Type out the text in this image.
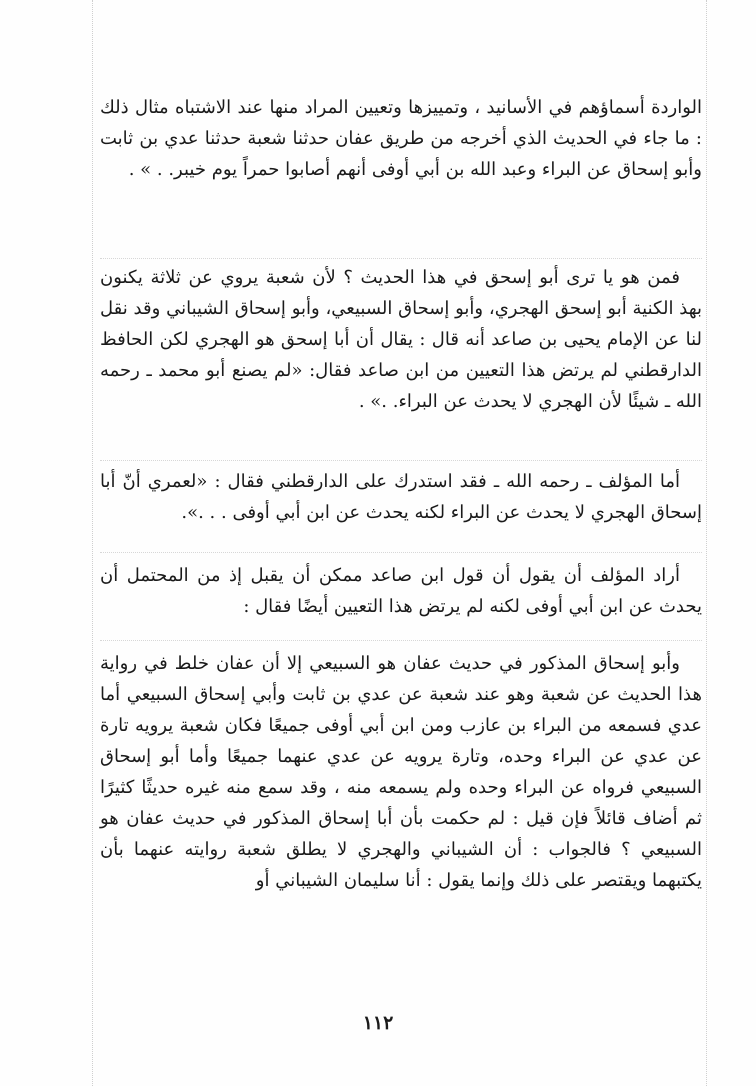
الواردة أسماؤهم في الأسانيد ، وتمييزها وتعيين المراد منها عند الاشتباه مثال ذلك : ما جاء في الحديث الذي أخرجه من طريق عفان حدثنا شعبة حدثنا عدي بن ثابت وأبو إسحاق عن البراء وعبد الله بن أبي أوفى أنهم أصابوا حمراً يوم خيبر. . » .

فمن هو يا ترى أبو إسحق في هذا الحديث ؟ لأن شعبة يروي عن ثلاثة يكنون بهذ الكنية أبو إسحق الهجري، وأبو إسحاق السبيعي، وأبو إسحاق الشيباني وقد نقل لنا عن الإمام يحيى بن صاعد أنه قال : يقال أن أبا إسحق هو الهجري لكن الحافظ الدارقطني لم يرتض هذا التعيين من ابن صاعد فقال: «لم يصنع أبو محمد ـ رحمه الله ـ شيئًا لأن الهجري لا يحدث عن البراء. .» .

أما المؤلف ـ رحمه الله ـ فقد استدرك على الدارقطني فقال : «لعمري أنّ أبا إسحاق الهجري لا يحدث عن البراء لكنه يحدث عن ابن أبي أوفى . . .».

أراد المؤلف أن يقول أن قول ابن صاعد ممكن أن يقبل إذ من المحتمل أن يحدث عن ابن أبي أوفى لكنه لم يرتض هذا التعيين أيضًا فقال :

وأبو إسحاق المذكور في حديث عفان هو السبيعي إلا أن عفان خلط في رواية هذا الحديث عن شعبة وهو عند شعبة عن عدي بن ثابت وأبي إسحاق السبيعي أما عدي فسمعه من البراء بن عازب ومن ابن أبي أوفى جميعًا فكان شعبة يرويه تارة عن عدي عن البراء وحده، وتارة يرويه عن عدي عنهما جميعًا وأما أبو إسحاق السبيعي فرواه عن البراء وحده ولم يسمعه منه ، وقد سمع منه غيره حديثًا كثيرًا ثم أضاف قائلاً فإن قيل : لم حكمت بأن أبا إسحاق المذكور في حديث عفان هو السبيعي ؟ فالجواب : أن الشيباني والهجري لا يطلق شعبة روايته عنهما بأن يكتبهما ويقتصر على ذلك وإنما يقول : أنا سليمان الشيباني أو

١١٢
